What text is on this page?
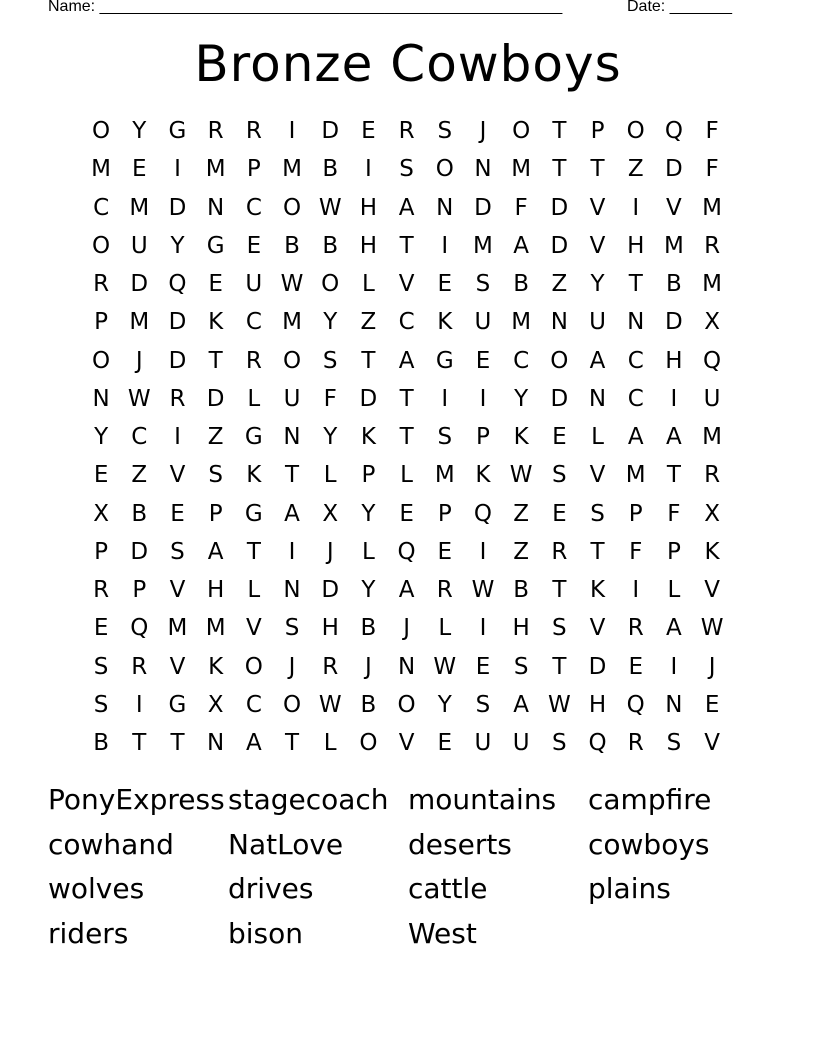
Name: ____________________________________________________	Date: _______
Bronze Cowboys
O Y G R R	I	D E R S	J	O T	P O Q F
M E	I	M P M B	I	S O N M T	T	Z D F
C M D N C O W H A N D F D V	I	V M
O U Y G E	B B H T	I	M A D V H M R
R D Q E U W O L	V	E	S	B Z	Y	T	B M
P M D K C M Y	Z C K U M N U N D X
O	J	D T	R O S	T	A G E C O A C H Q
N W R D L	U	F D T	I	I	Y D N C	I	U
Y	C	I	Z G N Y	K	T	S	P	K	E	L	A A M
E	Z V	S	K	T	L	P	L M K W S	V M T	R
X B	E	P G A X	Y	E	P Q Z	E	S	P	F	X
P D S	A	T	I	J	L Q E	I	Z R	T	F	P	K
R	P	V H	L	N D Y	A R W B	T	K	I	L	V
E Q M M V	S H B	J	L	I	H S	V R A W
S R V K O	J	R	J	N W E	S	T D E	I	J
S	I	G X C O W B O Y	S	A W H Q N E
B	T	T N A	T	L O V	E U U S Q R S	V
PonyExpress stagecoach mountains	campfire
cowhand	NatLove	deserts	cowboys
wolves	drives	cattle	plains
riders	bison	West
